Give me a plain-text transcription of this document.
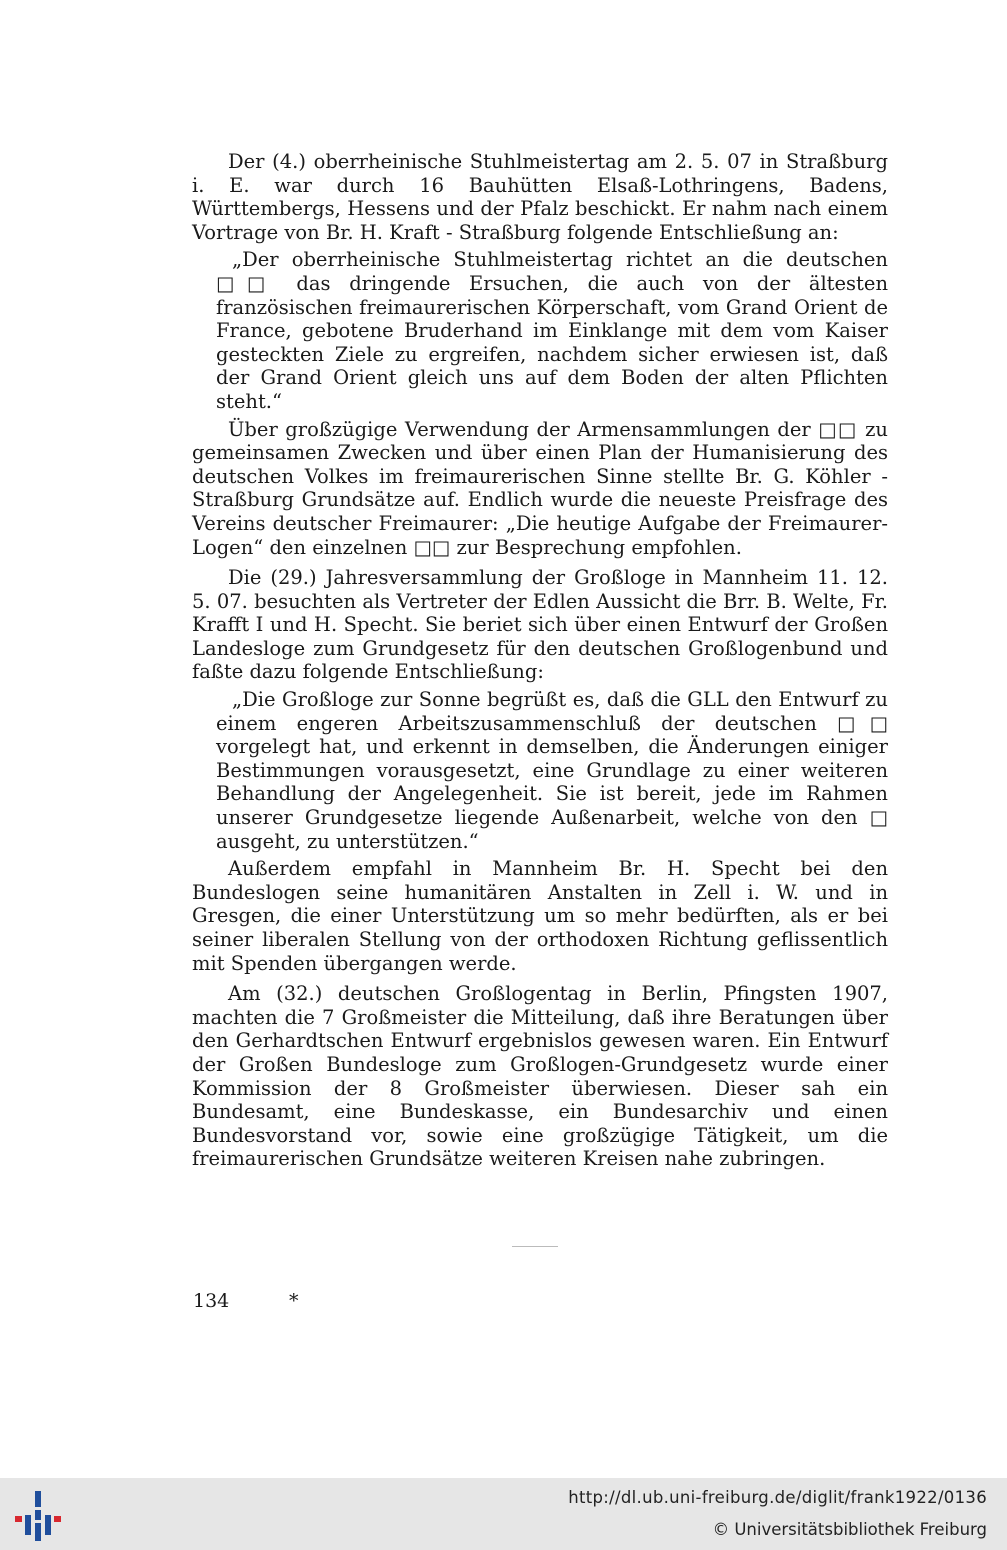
Der (4.) oberrheinische Stuhlmeistertag am 2. 5. 07 in Straßburg i. E. war durch 16 Bauhütten Elsaß-Lothringens, Badens, Württembergs, Hessens und der Pfalz beschickt. Er nahm nach einem Vortrage von Br. H. Kraft - Straßburg folgende Entschließung an:

„Der oberrheinische Stuhlmeistertag richtet an die deutschen □□ das dringende Ersuchen, die auch von der ältesten französischen freimaurerischen Körperschaft, vom Grand Orient de France, gebotene Bruderhand im Einklange mit dem vom Kaiser gesteckten Ziele zu ergreifen, nachdem sicher erwiesen ist, daß der Grand Orient gleich uns auf dem Boden der alten Pflichten steht.“

Über großzügige Verwendung der Armensammlungen der □□ zu gemeinsamen Zwecken und über einen Plan der Humanisierung des deutschen Volkes im freimaurerischen Sinne stellte Br. G. Köhler - Straßburg Grundsätze auf. Endlich wurde die neueste Preisfrage des Vereins deutscher Freimaurer: „Die heutige Aufgabe der Freimaurer-Logen“ den einzelnen □□ zur Besprechung empfohlen.

Die (29.) Jahresversammlung der Großloge in Mannheim 11. 12. 5. 07. besuchten als Vertreter der Edlen Aussicht die Brr. B. Welte, Fr. Krafft I und H. Specht. Sie beriet sich über einen Entwurf der Großen Landesloge zum Grundgesetz für den deutschen Großlogenbund und faßte dazu folgende Entschließung:

„Die Großloge zur Sonne begrüßt es, daß die GLL den Entwurf zu einem engeren Arbeitszusammenschluß der deutschen □□ vorgelegt hat, und erkennt in demselben, die Änderungen einiger Bestimmungen vorausgesetzt, eine Grundlage zu einer weiteren Behandlung der Angelegenheit. Sie ist bereit, jede im Rahmen unserer Grundgesetze liegende Außenarbeit, welche von den □ ausgeht, zu unterstützen.“

Außerdem empfahl in Mannheim Br. H. Specht bei den Bundeslogen seine humanitären Anstalten in Zell i. W. und in Gresgen, die einer Unterstützung um so mehr bedürften, als er bei seiner liberalen Stellung von der orthodoxen Richtung geflissentlich mit Spenden übergangen werde.

Am (32.) deutschen Großlogentag in Berlin, Pfingsten 1907, machten die 7 Großmeister die Mitteilung, daß ihre Beratungen über den Gerhardtschen Entwurf ergebnislos gewesen waren. Ein Entwurf der Großen Bundesloge zum Großlogen-Grundgesetz wurde einer Kommission der 8 Großmeister überwiesen. Dieser sah ein Bundesamt, eine Bundeskasse, ein Bundesarchiv und einen Bundesvorstand vor, sowie eine großzügige Tätigkeit, um die freimaurerischen Grundsätze weiteren Kreisen nahe zubringen.

134	*
http://dl.ub.uni-freiburg.de/diglit/frank1922/0136
© Universitätsbibliothek Freiburg
